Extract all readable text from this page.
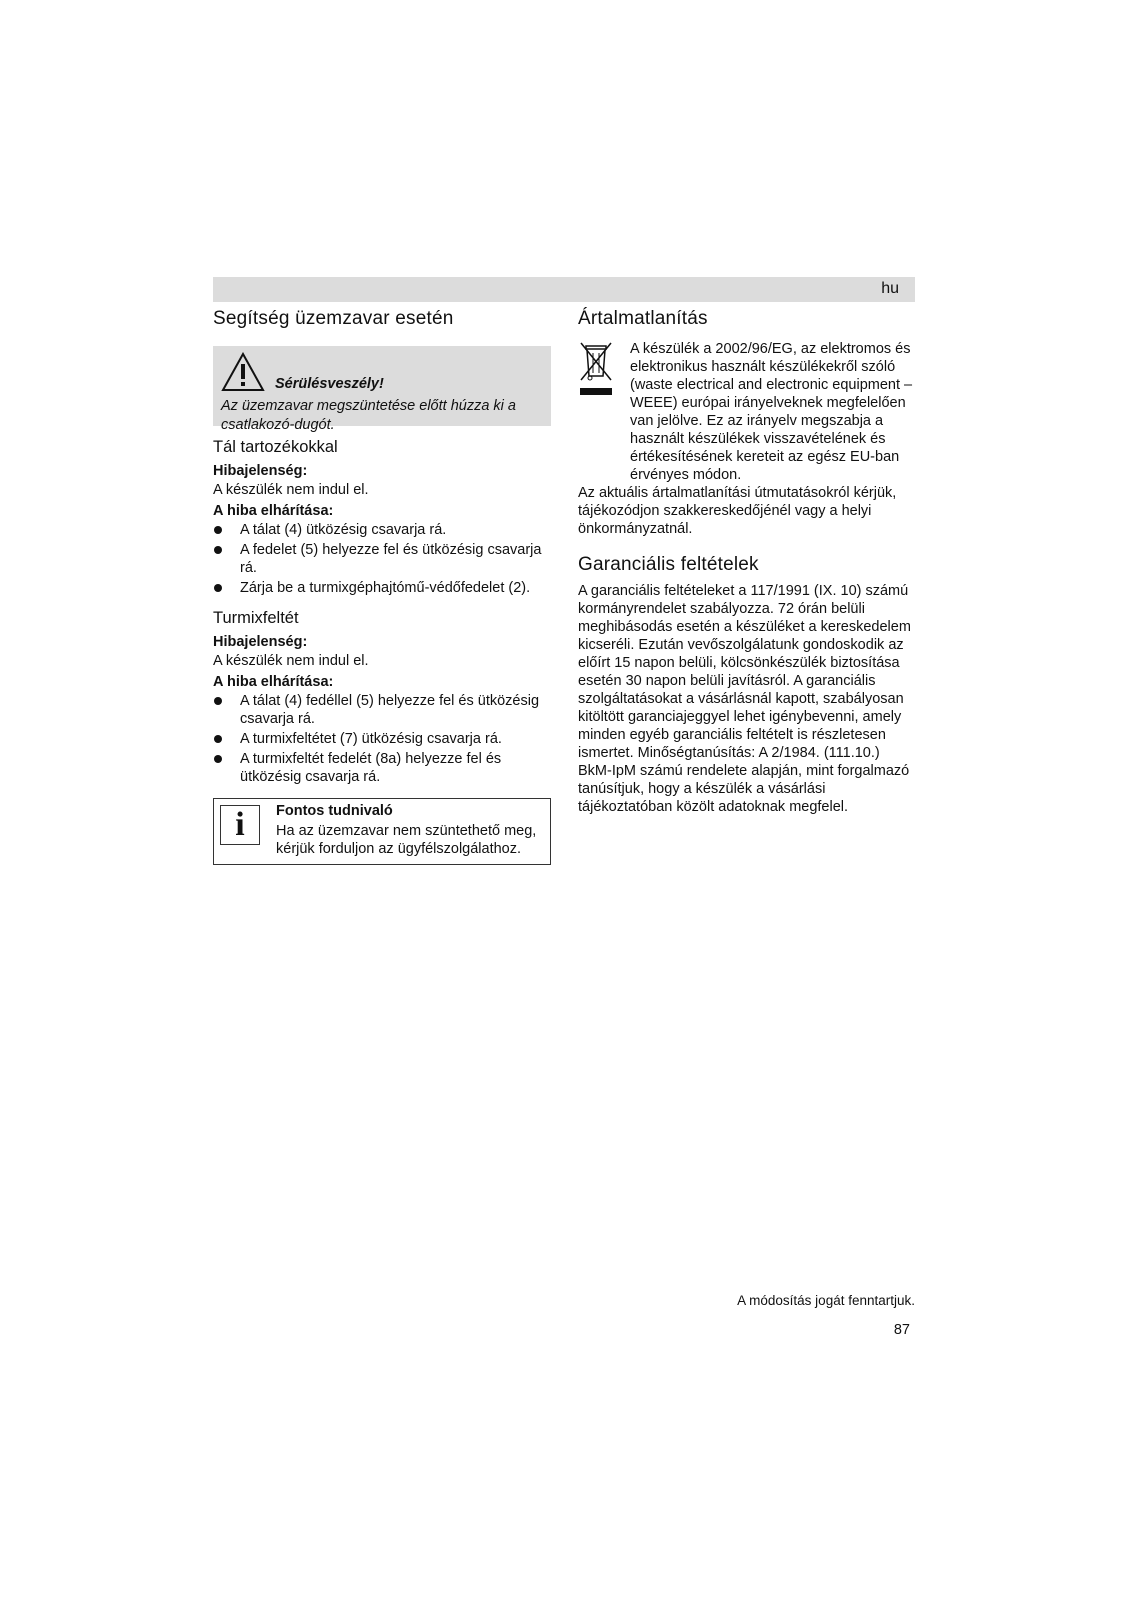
hu
Segítség üzemzavar esetén
Sérülésveszély!
Az üzemzavar megszüntetése előtt húzza ki a csatlakozó-dugót.
Tál tartozékokkal
Hibajelenség:

A készülék nem indul el.

A hiba elhárítása:
A tálat (4) ütközésig csavarja rá.
A fedelet (5) helyezze fel és ütközésig csavarja rá.
Zárja be a turmixgéphajtómű-védőfedelet (2).
Turmixfeltét
Hibajelenség:

A készülék nem indul el.

A hiba elhárítása:
A tálat (4) fedéllel (5) helyezze fel és ütközésig csavarja rá.
A turmixfeltétet (7) ütközésig csavarja rá.
A turmixfeltét fedelét (8a) helyezze fel és ütközésig csavarja rá.
i	Fontos tudnivaló
Ha az üzemzavar nem szüntethető meg, kérjük forduljon az ügyfélszolgálathoz.
Ártalmatlanítás

A készülék a 2002/96/EG, az elektromos és elektronikus használt készülékekről szóló (waste electrical and electronic equipment – WEEE) európai irányelveknek megfelelően van jelölve. Ez az irányelv megszabja a használt készülékek visszavételének és értékesítésének kereteit az egész EU-ban érvényes módon.

Az aktuális ártalmatlanítási útmutatásokról kérjük, tájékozódjon szakkereskedőjénél vagy a helyi önkormányzatnál.

Garanciális feltételek

A garanciális feltételeket a 117/1991 (IX. 10) számú kormányrendelet szabályozza. 72 órán belüli meghibásodás esetén a készüléket a kereskedelem kicseréli. Ezután vevőszolgálatunk gondoskodik az előírt 15 napon belüli, kölcsönkészülék biztosítása esetén 30 napon belüli javításról. A garanciális szolgáltatásokat a vásárlásnál kapott, szabályosan kitöltött garanciajeggyel lehet igénybevenni, amely minden egyéb garanciális feltételt is részletesen ismertet. Minőségtanúsítás: A 2/1984. (111.10.) BkM-IpM számú rendelete alapján, mint forgalmazó tanúsítjuk, hogy a készülék a vásárlási tájékoztatóban közölt adatoknak megfelel.

A módosítás jogát fenntartjuk.
87
